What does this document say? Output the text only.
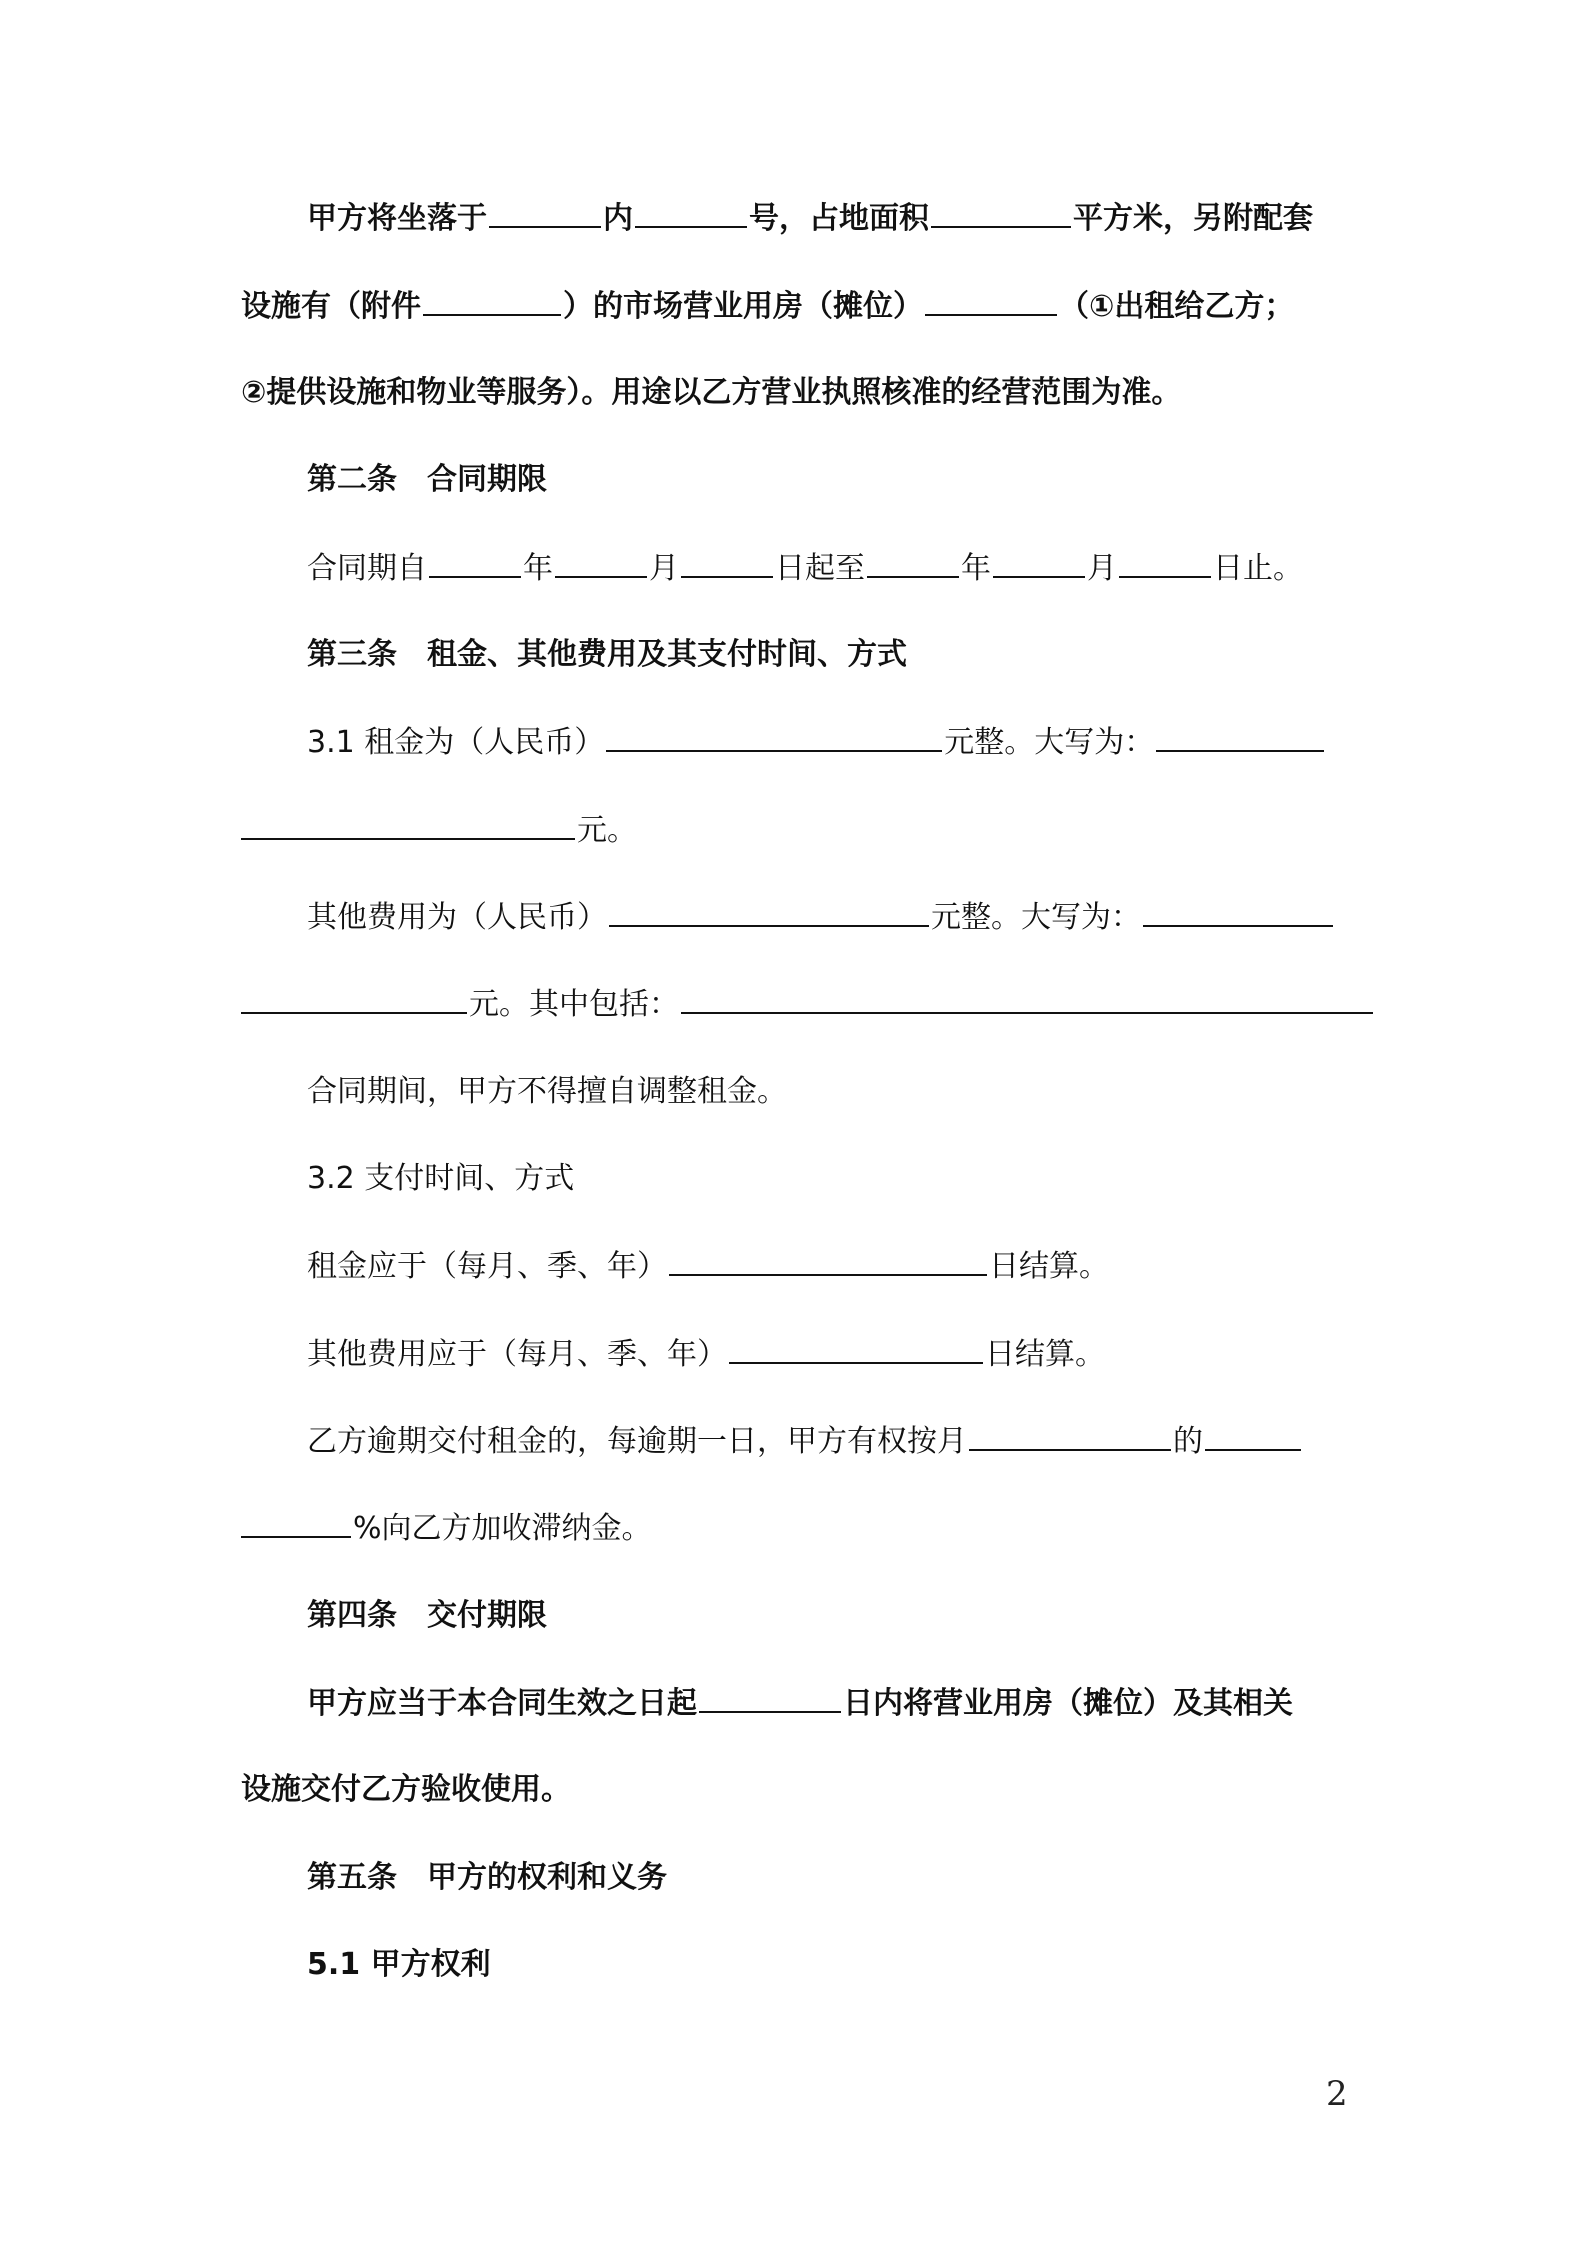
甲方将坐落于	内	号，占地面积	平方米，另附配套
设施有（附件	）的市场营业用房（摊位）	（①出租给乙方；
②提供设施和物业等服务）。用途以乙方营业执照核准的经营范围为准。
第二条　合同期限
合同期自	年	月	日起至	年	月	日止。
第三条　租金、其他费用及其支付时间、方式
3.1 租金为（人民币）	元整。大写为：
元。
其他费用为（人民币）	元整。大写为：
元。其中包括：
合同期间，甲方不得擅自调整租金。
3.2 支付时间、方式
租金应于（每月、季、年）	日结算。
其他费用应于（每月、季、年）	日结算。
乙方逾期交付租金的，每逾期一日，甲方有权按月	的
%向乙方加收滞纳金。
第四条　交付期限
甲方应当于本合同生效之日起	日内将营业用房（摊位）及其相关
设施交付乙方验收使用。
第五条　甲方的权利和义务
5.1 甲方权利
2
